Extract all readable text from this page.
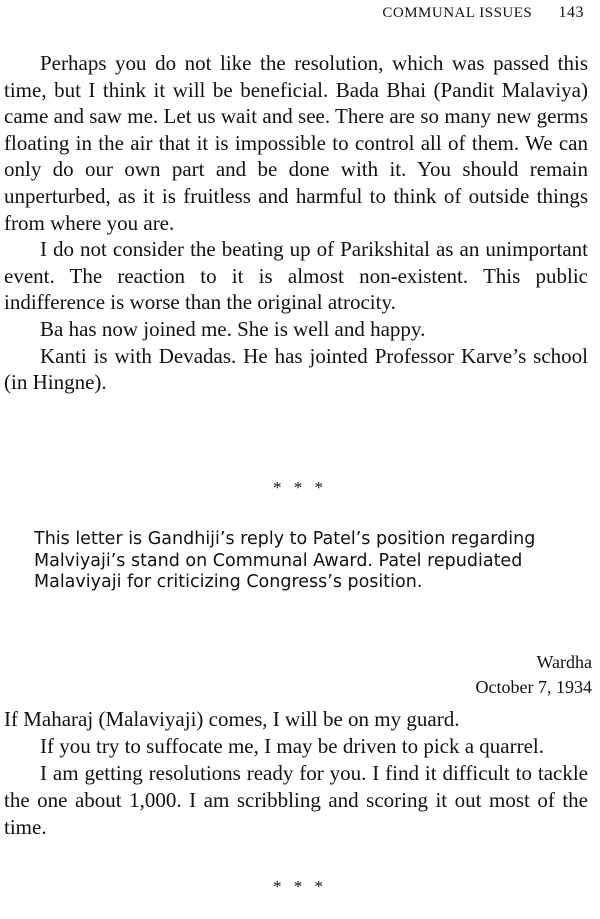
COMMUNAL ISSUES 143

Perhaps you do not like the resolution, which was passed this time, but I think it will be beneficial. Bada Bhai (Pandit Malaviya) came and saw me. Let us wait and see. There are so many new germs floating in the air that it is impossible to control all of them. We can only do our own part and be done with it. You should remain unperturbed, as it is fruitless and harmful to think of outside things from where you are.

I do not consider the beating up of Parikshital as an unimportant event. The reaction to it is almost non-existent. This public indifference is worse than the original atrocity.

Ba has now joined me. She is well and happy.

Kanti is with Devadas. He has jointed Professor Karve’s school (in Hingne).

* * *
This letter is Gandhiji’s reply to Patel’s position regarding Malviyaji’s stand on Communal Award. Patel repudiated Malaviyaji for criticizing Congress’s position.
Wardha
October 7, 1934

If Maharaj (Malaviyaji) comes, I will be on my guard.

If you try to suffocate me, I may be driven to pick a quarrel.

I am getting resolutions ready for you. I find it difficult to tackle the one about 1,000. I am scribbling and scoring it out most of the time.

* * *
